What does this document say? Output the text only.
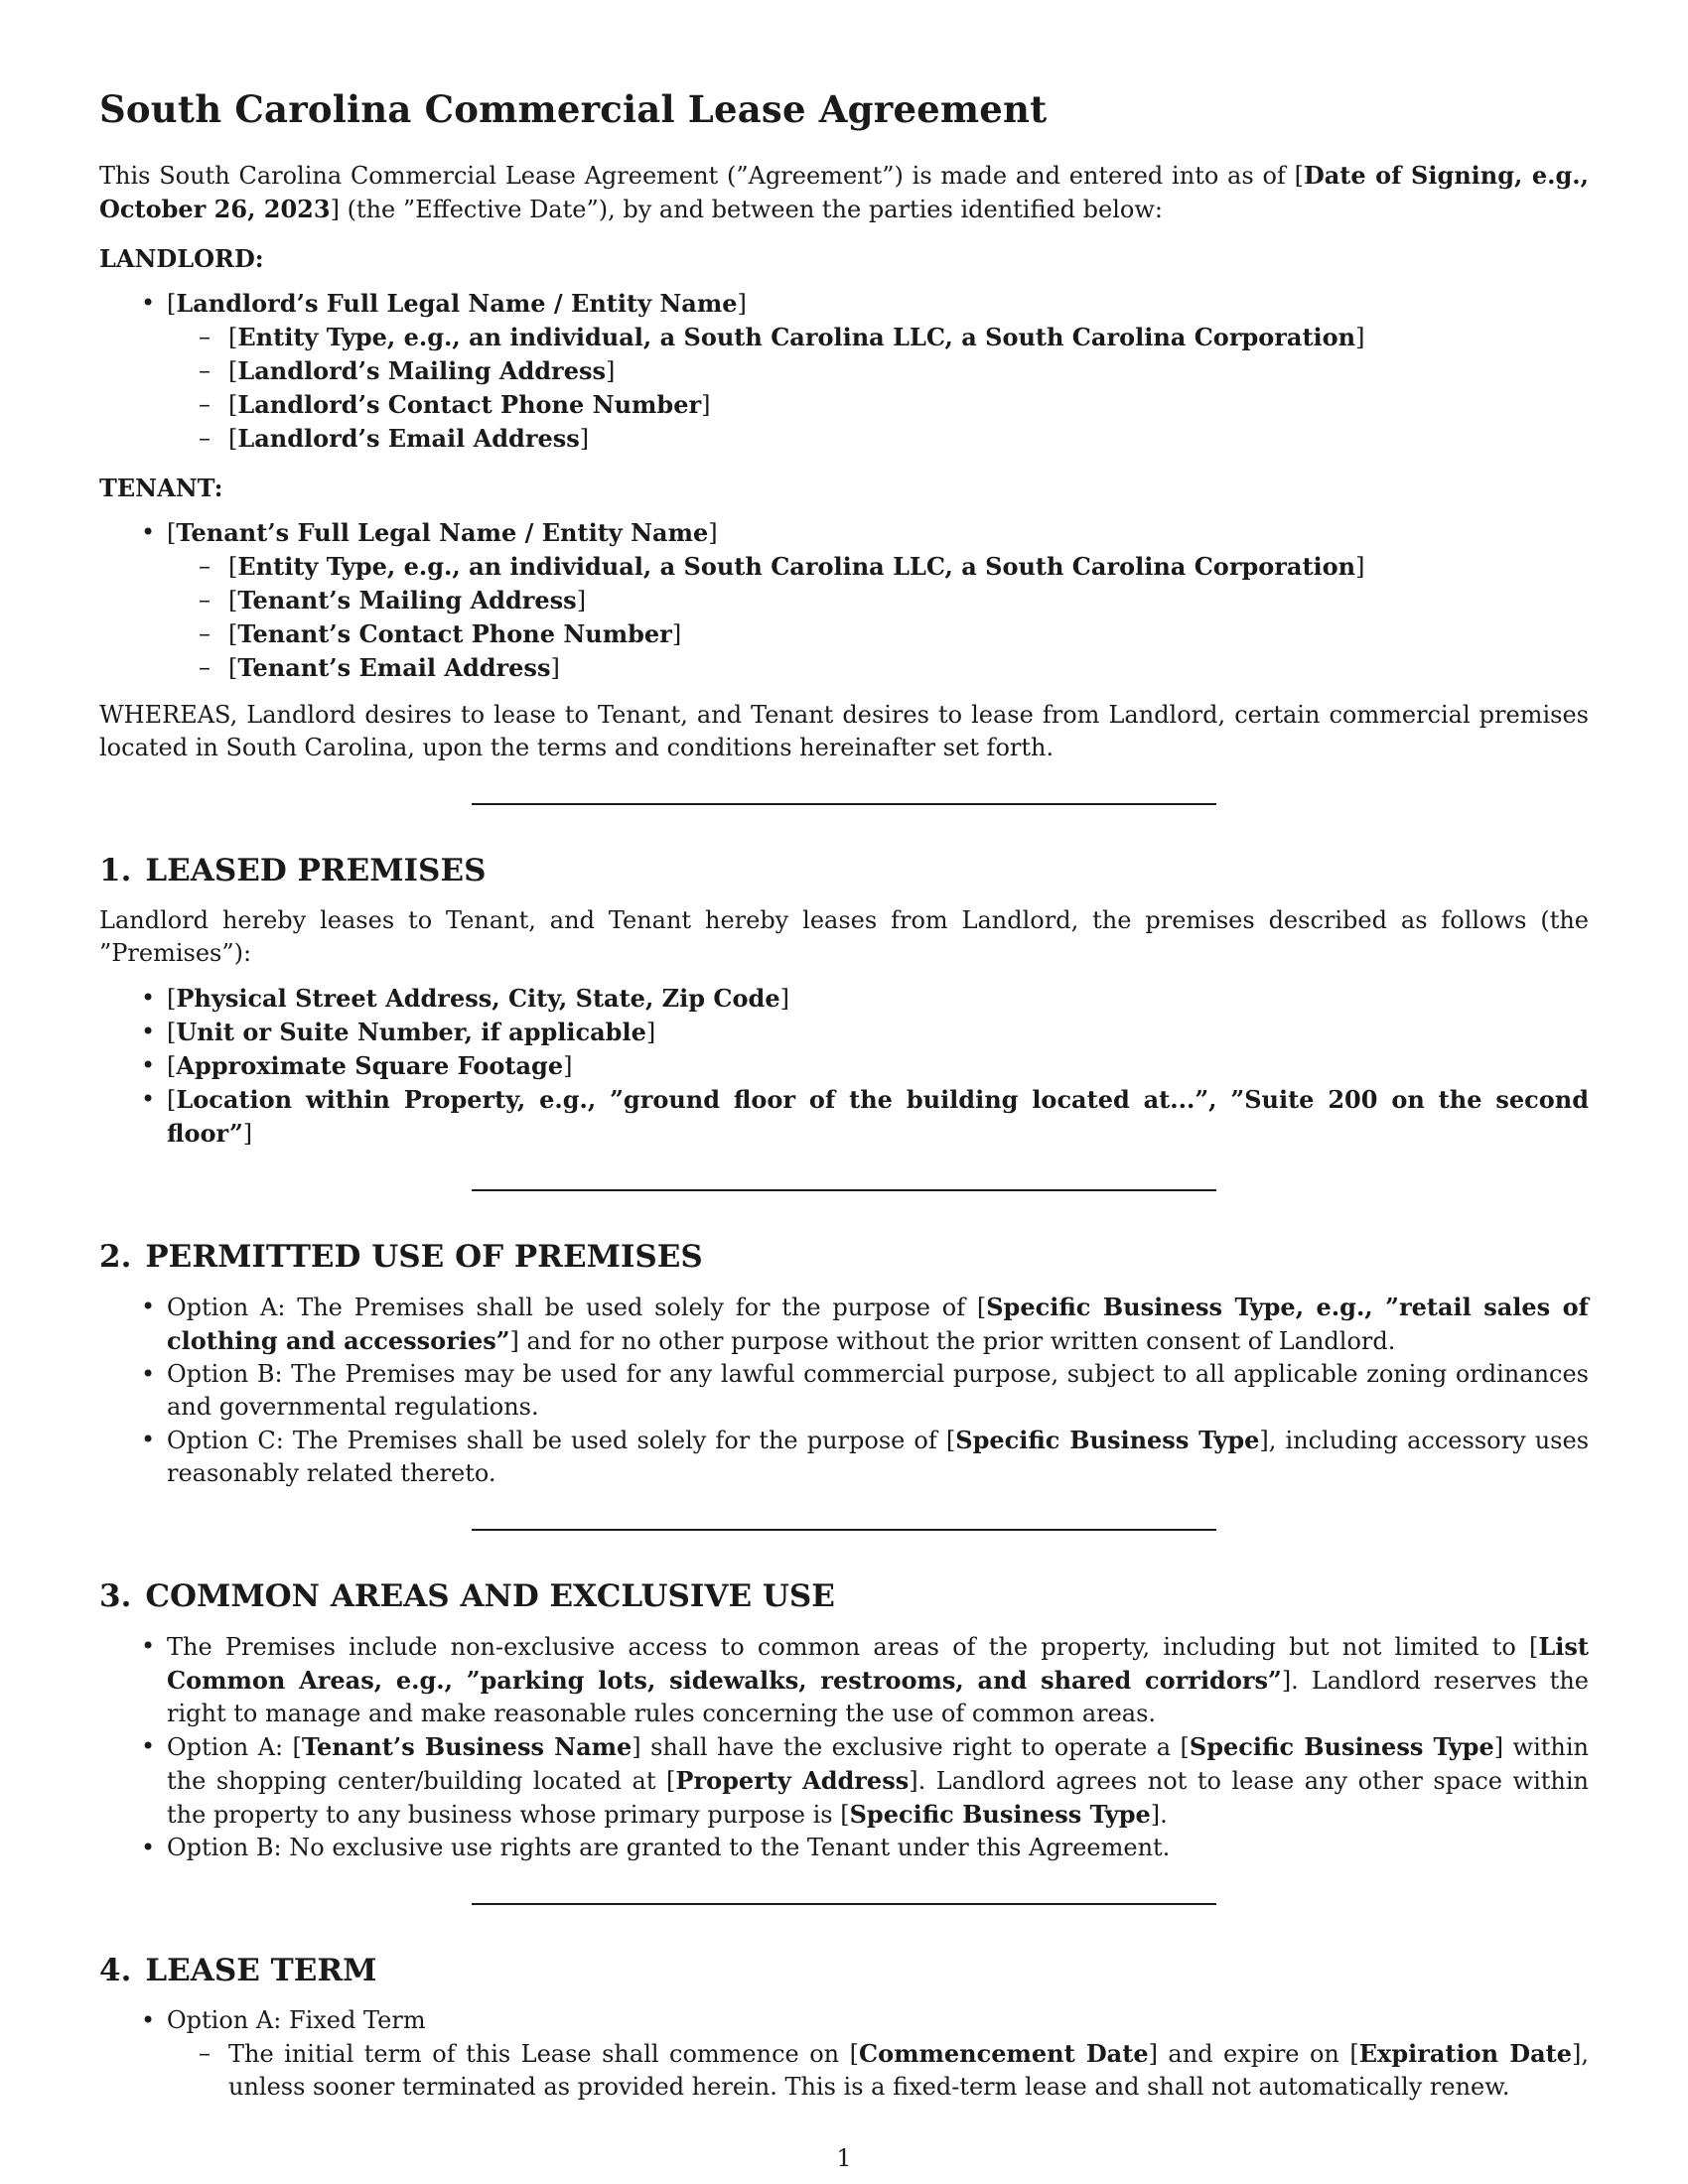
South Carolina Commercial Lease Agreement

This South Carolina Commercial Lease Agreement (”Agreement”) is made and entered into as of [Date of Signing, e.g., October 26, 2023] (the ”Effective Date”), by and between the parties identified below:

LANDLORD:

• [Landlord’s Full Legal Name / Entity Name]
– [Entity Type, e.g., an individual, a South Carolina LLC, a South Carolina Corporation]
– [Landlord’s Mailing Address]
– [Landlord’s Contact Phone Number]
– [Landlord’s Email Address]

TENANT:

• [Tenant’s Full Legal Name / Entity Name]
– [Entity Type, e.g., an individual, a South Carolina LLC, a South Carolina Corporation]
– [Tenant’s Mailing Address]
– [Tenant’s Contact Phone Number]
– [Tenant’s Email Address]

WHEREAS, Landlord desires to lease to Tenant, and Tenant desires to lease from Landlord, certain commercial premises located in South Carolina, upon the terms and conditions hereinafter set forth.

1. LEASED PREMISES

Landlord hereby leases to Tenant, and Tenant hereby leases from Landlord, the premises described as follows (the ”Premises”):

• [Physical Street Address, City, State, Zip Code]
• [Unit or Suite Number, if applicable]
• [Approximate Square Footage]
• [Location within Property, e.g., ”ground floor of the building located at...”, ”Suite 200 on the second floor”]
2. PERMITTED USE OF PREMISES
• Option A: The Premises shall be used solely for the purpose of [Specific Business Type, e.g., ”retail sales of clothing and accessories”] and for no other purpose without the prior written consent of Landlord.
• Option B: The Premises may be used for any lawful commercial purpose, subject to all applicable zoning ordinances and governmental regulations.
• Option C: The Premises shall be used solely for the purpose of [Specific Business Type], including accessory uses reasonably related thereto.
3. COMMON AREAS AND EXCLUSIVE USE
• The Premises include non-exclusive access to common areas of the property, including but not limited to [List Common Areas, e.g., ”parking lots, sidewalks, restrooms, and shared corridors”]. Landlord reserves the right to manage and make reasonable rules concerning the use of common areas.
• Option A: [Tenant’s Business Name] shall have the exclusive right to operate a [Specific Business Type] within the shopping center/building located at [Property Address]. Landlord agrees not to lease any other space within the property to any business whose primary purpose is [Specific Business Type].
• Option B: No exclusive use rights are granted to the Tenant under this Agreement.
4. LEASE TERM
• Option A: Fixed Term
– The initial term of this Lease shall commence on [Commencement Date] and expire on [Expiration Date], unless sooner terminated as provided herein. This is a fixed-term lease and shall not automatically renew.
1
